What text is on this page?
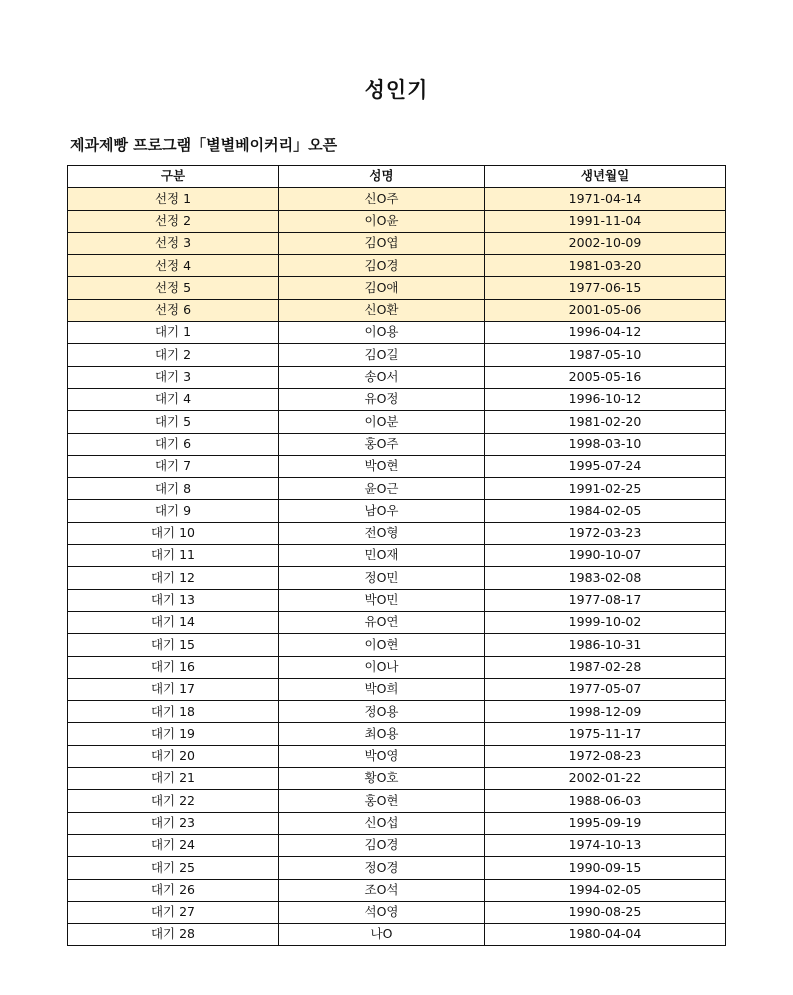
성인기
제과제빵 프로그램「별별베이커리」오픈
구분	성명	생년월일
선정 1	신O주	1971-04-14
선정 2	이O윤	1991-11-04
선정 3	김O엽	2002-10-09
선정 4	김O경	1981-03-20
선정 5	김O애	1977-06-15
선정 6	신O환	2001-05-06
대기 1	이O용	1996-04-12
대기 2	김O길	1987-05-10
대기 3	송O서	2005-05-16
대기 4	유O정	1996-10-12
대기 5	이O분	1981-02-20
대기 6	홍O주	1998-03-10
대기 7	박O현	1995-07-24
대기 8	윤O근	1991-02-25
대기 9	남O우	1984-02-05
대기 10	전O형	1972-03-23
대기 11	민O재	1990-10-07
대기 12	정O민	1983-02-08
대기 13	박O민	1977-08-17
대기 14	유O연	1999-10-02
대기 15	이O현	1986-10-31
대기 16	이O나	1987-02-28
대기 17	박O희	1977-05-07
대기 18	정O용	1998-12-09
대기 19	최O용	1975-11-17
대기 20	박O영	1972-08-23
대기 21	황O호	2002-01-22
대기 22	홍O현	1988-06-03
대기 23	신O섭	1995-09-19
대기 24	김O경	1974-10-13
대기 25	정O경	1990-09-15
대기 26	조O석	1994-02-05
대기 27	석O영	1990-08-25
대기 28	나O	1980-04-04
